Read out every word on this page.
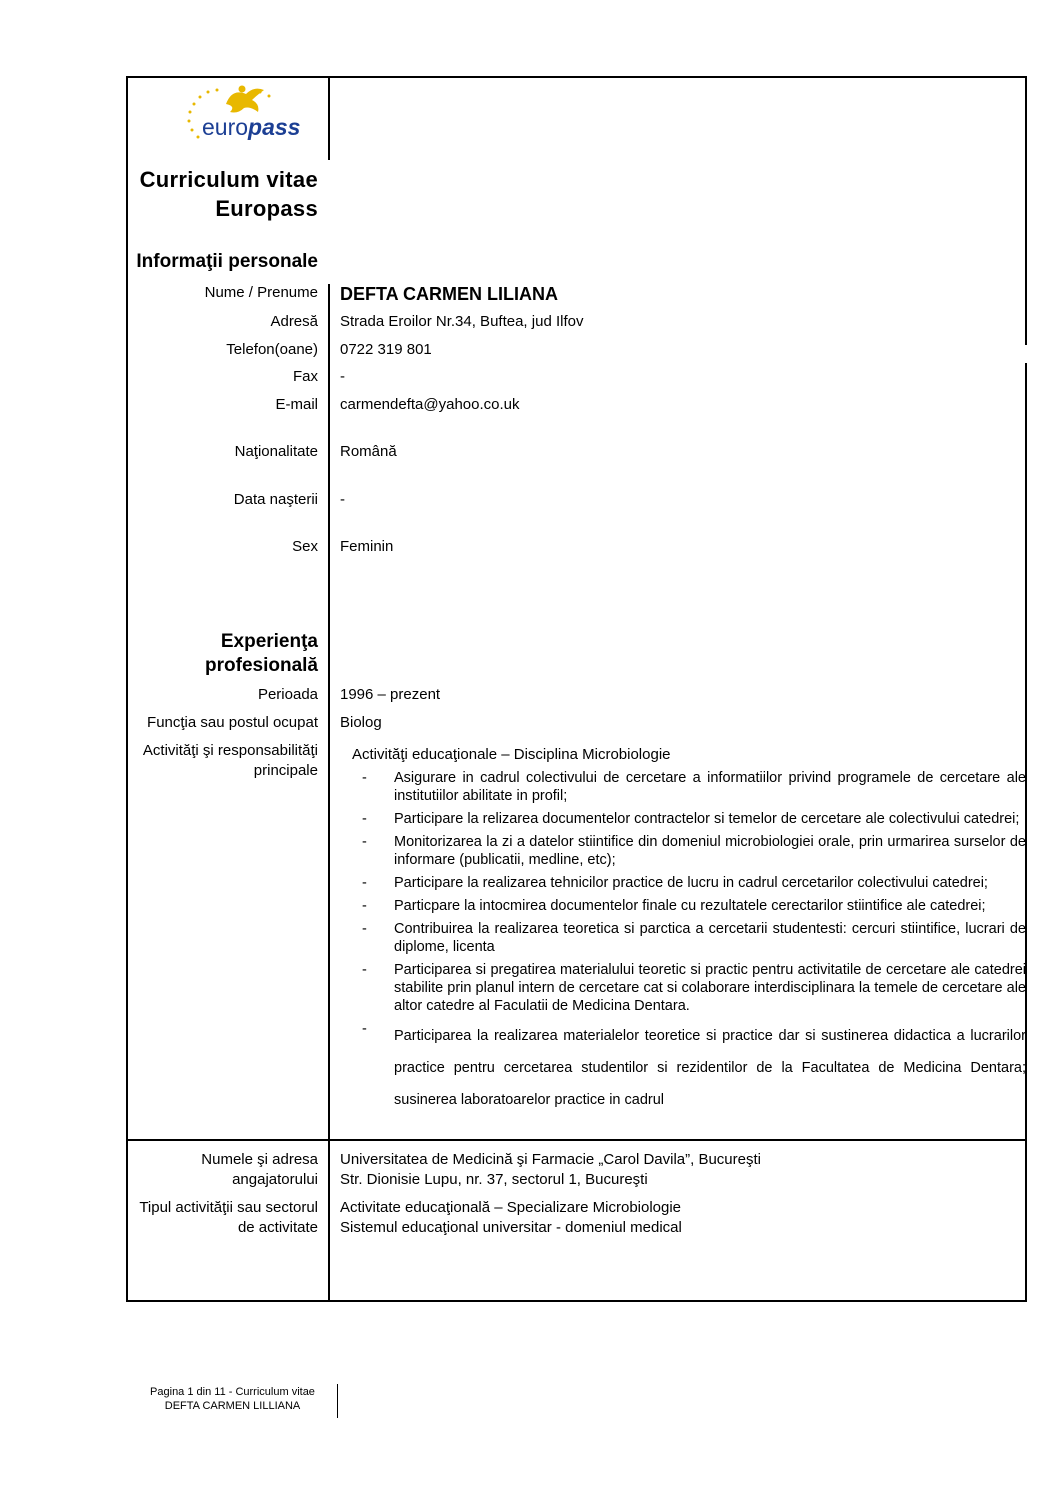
europass
Curriculum vitae
Europass
Informaţii personale
Nume / Prenume DEFTA CARMEN LILIANA
Adresă Strada Eroilor Nr.34, Buftea, jud Ilfov
Telefon(oane) 0722 319 801
Fax -
E-mail carmendefta@yahoo.co.uk
Naţionalitate Română
Data naşterii -
Sex Feminin
Experienţa
profesională
Perioada 1996 – prezent
Funcţia sau postul ocupat Biolog
Activităţi şi responsabilităţi
principale
Activităţi educaţionale – Disciplina Microbiologie
- Asigurare in cadrul colectivului de cercetare a informatiilor privind programele de cercetare ale institutiilor abilitate in profil;
- Participare la relizarea documentelor contractelor si temelor de cercetare ale colectivului catedrei;
- Monitorizarea la zi a datelor stiintifice din domeniul microbiologiei orale, prin urmarirea surselor de informare (publicatii, medline, etc);
- Participare la realizarea tehnicilor practice de lucru in cadrul cercetarilor colectivului catedrei;
- Particpare la intocmirea documentelor finale cu rezultatele cerectarilor stiintifice ale catedrei;
- Contribuirea la realizarea teoretica si parctica a cercetarii studentesti: cercuri stiintifice, lucrari de diplome, licenta
- Participarea si pregatirea materialului teoretic si practic pentru activitatile de cercetare ale catedrei stabilite prin planul intern de cercetare cat si colaborare interdisciplinara la temele de cercetare ale altor catedre al Faculatii de Medicina Dentara.
- Participarea la realizarea materialelor teoretice si practice dar si sustinerea didactica a lucrarilor practice pentru cercetarea studentilor si rezidentilor de la Facultatea de Medicina Dentara; susinerea laboratoarelor practice in cadrul
Numele şi adresa
angajatorului
Universitatea de Medicină şi Farmacie „Carol Davila”, Bucureşti
Str. Dionisie Lupu, nr. 37, sectorul 1, Bucureşti
Tipul activităţii sau sectorul
de activitate
Activitate educaţională – Specializare Microbiologie
Sistemul educaţional universitar - domeniul medical
Pagina 1 din 11 - Curriculum vitae
DEFTA CARMEN LILLIANA
